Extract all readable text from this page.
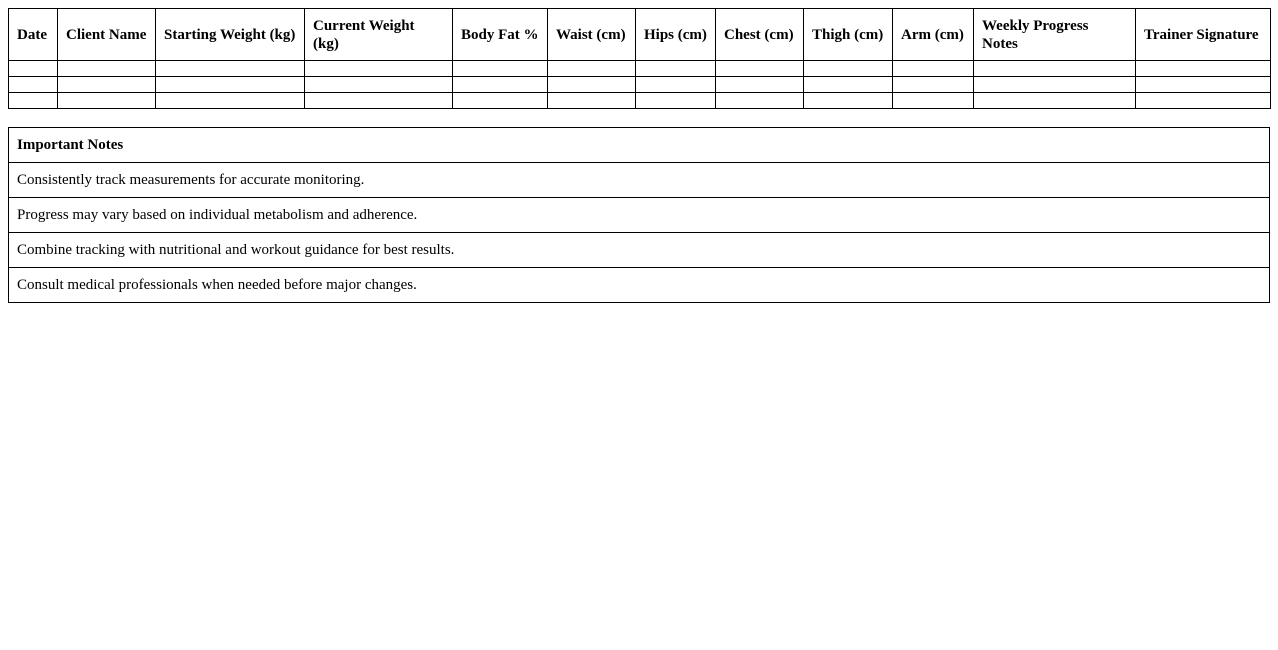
Date	Client Name	Starting Weight (kg)	Current Weight (kg)	Body Fat %	Waist (cm)	Hips (cm)	Chest (cm)	Thigh (cm)	Arm (cm)	Weekly Progress Notes	Trainer Signature

Important Notes
Consistently track measurements for accurate monitoring.
Progress may vary based on individual metabolism and adherence.
Combine tracking with nutritional and workout guidance for best results.
Consult medical professionals when needed before major changes.
